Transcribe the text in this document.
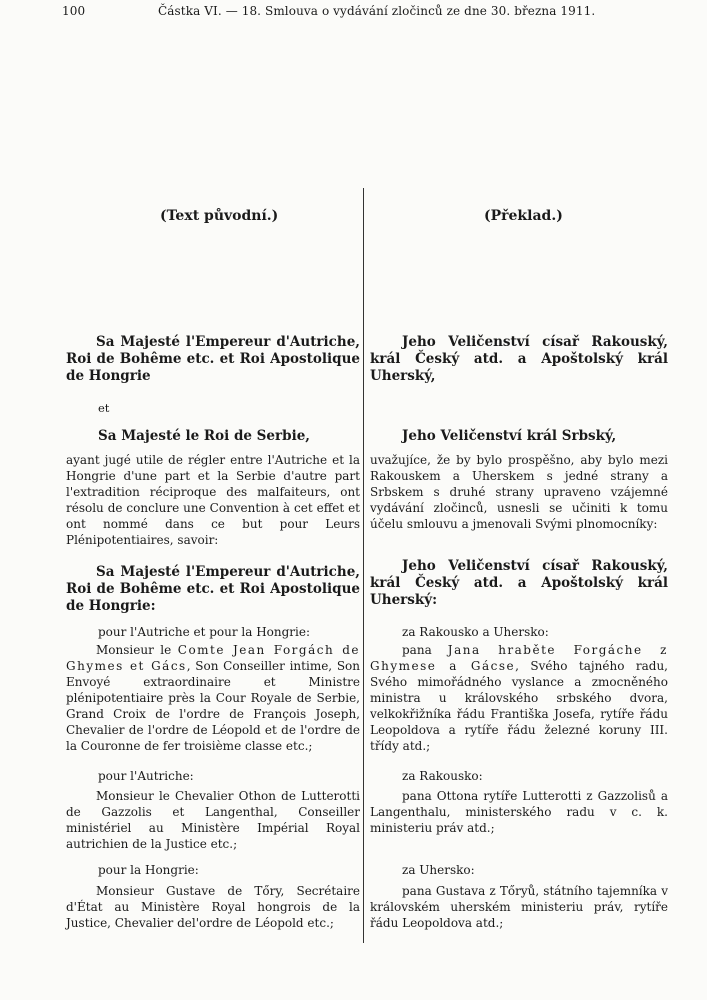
100	Částka VI. — 18. Smlouva o vydávání zločinců ze dne 30. března 1911.
(Text původní.)
Sa Majesté l'Empereur d'Autriche, Roi de Bohême etc. et Roi Apostolique de Hongrie
et
Sa Majesté le Roi de Serbie,
ayant jugé utile de régler entre l'Autriche et la Hongrie d'une part et la Serbie d'autre part l'extradition réciproque des malfaiteurs, ont résolu de conclure une Convention à cet effet et ont nommé dans ce but pour Leurs Plénipotentiaires, savoir:
Sa Majesté l'Empereur d'Autriche, Roi de Bohême etc. et Roi Apostolique de Hongrie:
pour l'Autriche et pour la Hongrie:
Monsieur le Comte Jean Forgách de Ghymes et Gács, Son Conseiller intime, Son Envoyé extraordinaire et Ministre plénipotentiaire près la Cour Royale de Serbie, Grand Croix de l'ordre de François Joseph, Chevalier de l'ordre de Léopold et de l'ordre de la Couronne de fer troisième classe etc.;
pour l'Autriche:
Monsieur le Chevalier Othon de Lutterotti de Gazzolis et Langenthal, Conseiller ministériel au Ministère Impérial Royal autrichien de la Justice etc.;
pour la Hongrie:
Monsieur Gustave de Tőry, Secrétaire d'État au Ministère Royal hongrois de la Justice, Chevalier del'ordre de Léopold etc.;
(Překlad.)
Jeho Veličenství císař Rakouský, král Český atd. a Apoštolský král Uherský,
Jeho Veličenství král Srbský,
uvažujíce, že by bylo prospěšno, aby bylo mezi Rakouskem a Uherskem s jedné strany a Srbskem s druhé strany upraveno vzájemné vydávání zločinců, usnesli se učiniti k tomu účelu smlouvu a jmenovali Svými plnomocníky:
Jeho Veličenství císař Rakouský, král Český atd. a Apoštolský král Uherský:
za Rakousko a Uhersko:
pana Jana hraběte Forgáche z Ghymese a Gácse, Svého tajného radu, Svého mimořádného vyslance a zmocněného ministra u královského srbského dvora, velkokřižníka řádu Františka Josefa, rytíře řádu Leopoldova a rytíře řádu železné koruny III. třídy atd.;
za Rakousko:
pana Ottona rytíře Lutterotti z Gazzolisů a Langenthalu, ministerského radu v c. k. ministeriu práv atd.;
za Uhersko:
pana Gustava z Tőryů, státního tajemníka v královském uherském ministeriu práv, rytíře řádu Leopoldova atd.;
